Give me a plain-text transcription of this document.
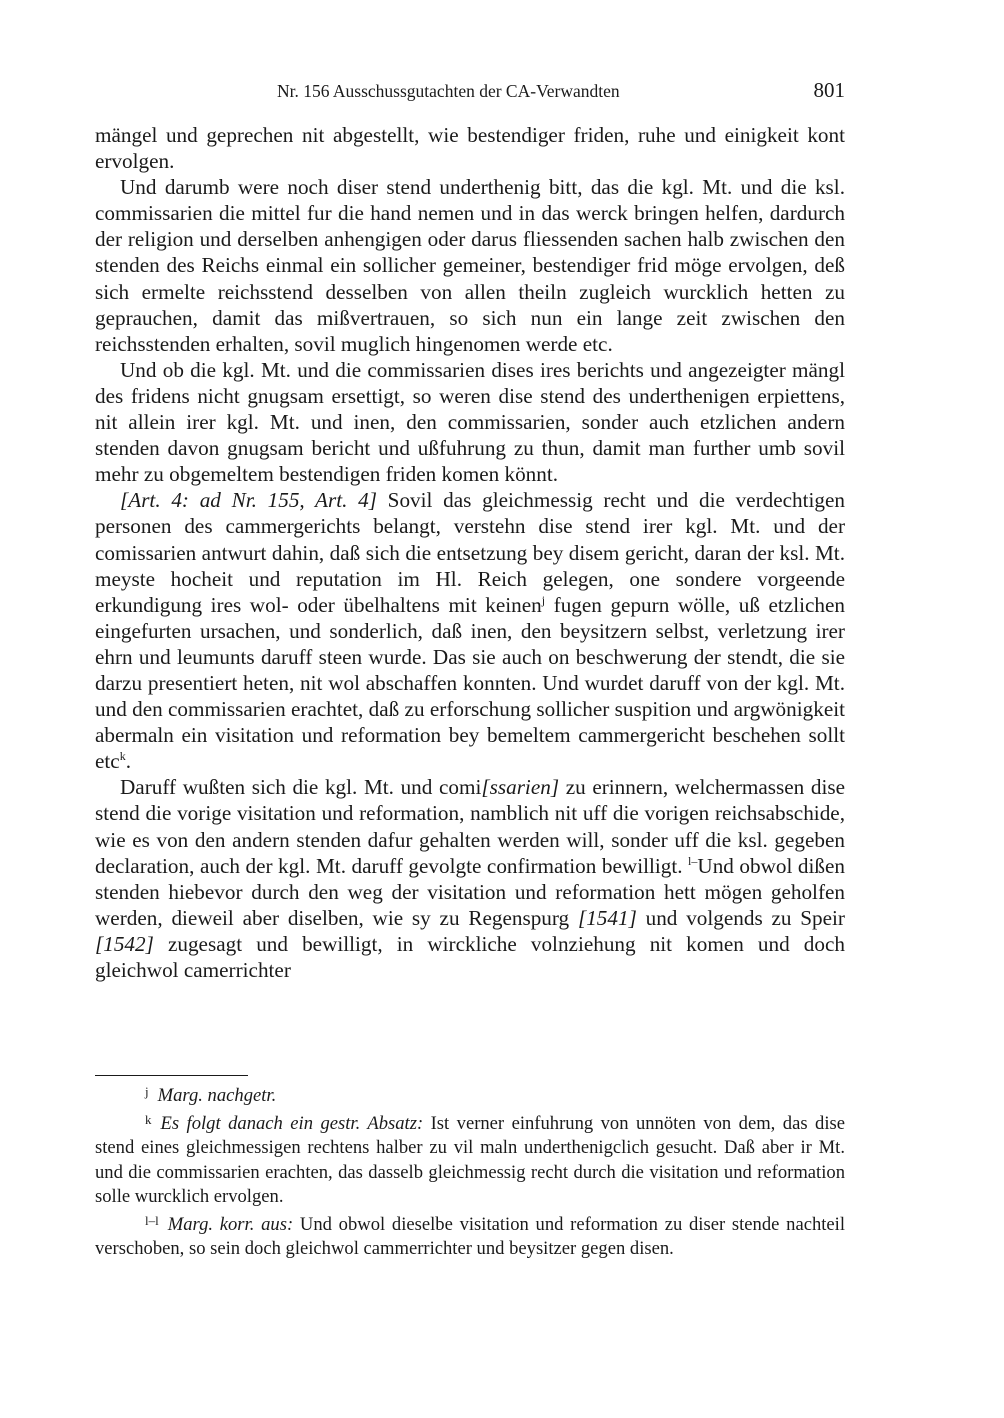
Nr. 156 Ausschussgutachten der CA-Verwandten	801

mängel und geprechen nit abgestellt, wie bestendiger friden, ruhe und einigkeit kont ervolgen.

Und darumb were noch diser stend underthenig bitt, das die kgl. Mt. und die ksl. commissarien die mittel fur die hand nemen und in das werck bringen helfen, dardurch der religion und derselben anhengigen oder darus fliessenden sachen halb zwischen den stenden des Reichs einmal ein sollicher gemeiner, bestendiger frid möge ervolgen, deß sich ermelte reichsstend desselben von allen theiln zugleich wurcklich hetten zu geprauchen, damit das mißvertrauen, so sich nun ein lange zeit zwischen den reichsstenden erhalten, sovil muglich hingenomen werde etc.

Und ob die kgl. Mt. und die commissarien dises ires berichts und angezeigter mängl des fridens nicht gnugsam ersettigt, so weren dise stend des underthenigen erpiettens, nit allein irer kgl. Mt. und inen, den commissarien, sonder auch etzlichen andern stenden davon gnugsam bericht und ußfuhrung zu thun, damit man further umb sovil mehr zu obgemeltem bestendigen friden komen könnt.

[Art. 4: ad Nr. 155, Art. 4] Sovil das gleichmessig recht und die verdechtigen personen des cammergerichts belangt, verstehn dise stend irer kgl. Mt. und der comissarien antwurt dahin, daß sich die entsetzung bey disem gericht, daran der ksl. Mt. meyste hocheit und reputation im Hl. Reich gelegen, one sondere vorgeende erkundigung ires wol- oder übelhaltens mit keinen$^j$ fugen gepurn wölle, uß etzlichen eingefurten ursachen, und sonderlich, daß inen, den beysitzern selbst, verletzung irer ehrn und leumunts daruff steen wurde. Das sie auch on beschwerung der stendt, die sie darzu presentiert heten, nit wol abschaffen konnten. Und wurdet daruff von der kgl. Mt. und den commissarien erachtet, daß zu erforschung sollicher suspition und argwönigkeit abermaln ein visitation und reformation bey bemeltem cammergericht beschehen sollt etc$^k$.

Daruff wußten sich die kgl. Mt. und comi[ssarien] zu erinnern, welchermassen dise stend die vorige visitation und reformation, namblich nit uff die vorigen reichsabschide, wie es von den andern stenden dafur gehalten werden will, sonder uff die ksl. gegeben declaration, auch der kgl. Mt. daruff gevolgte confirmation bewilligt. $^{l-}$Und obwol dißen stenden hiebevor durch den weg der visitation und reformation hett mögen geholfen werden, dieweil aber diselben, wie sy zu Regenspurg [1541] und volgends zu Speir [1542] zugesagt und bewilligt, in wirckliche volnziehung nit komen und doch gleichwol camerrichter

j Marg. nachgetr.

k Es folgt danach ein gestr. Absatz: Ist verner einfuhrung von unnöten von dem, das dise stend eines gleichmessigen rechtens halber zu vil maln underthenigclich gesucht. Daß aber ir Mt. und die commissarien erachten, das dasselb gleichmessig recht durch die visitation und reformation solle wurcklich ervolgen.

l–l Marg. korr. aus: Und obwol dieselbe visitation und reformation zu diser stende nachteil verschoben, so sein doch gleichwol cammerrichter und beysitzer gegen disen.
